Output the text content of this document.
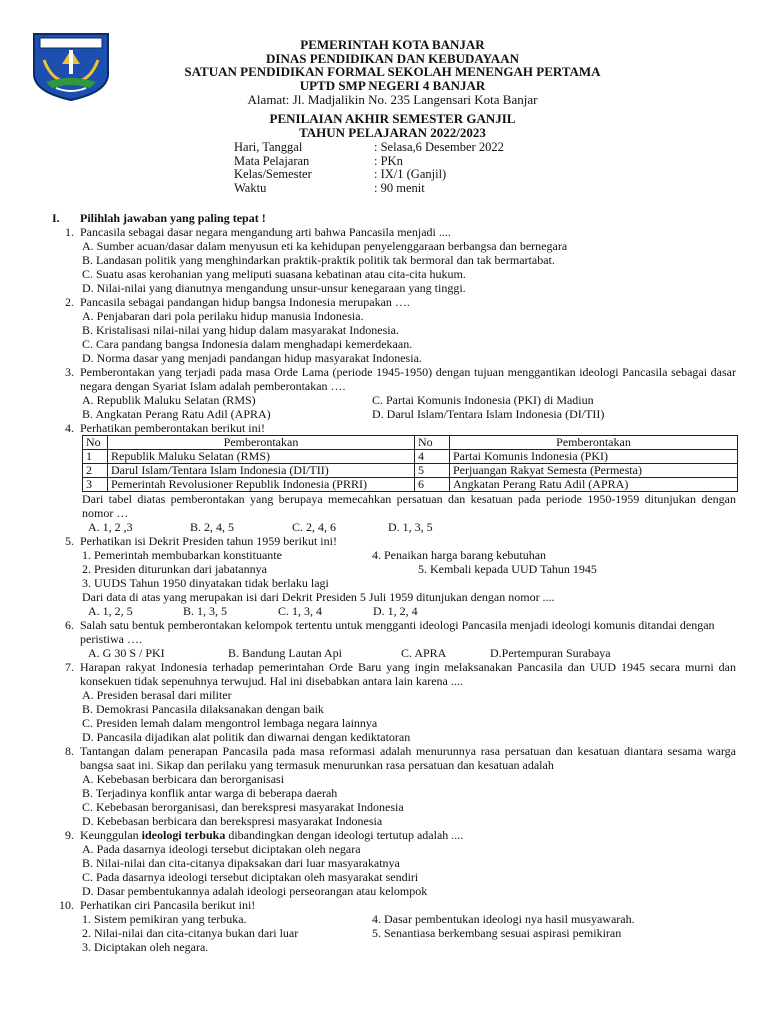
PEMERINTAH KOTA BANJAR
DINAS PENDIDIKAN DAN KEBUDAYAAN
SATUAN PENDIDIKAN FORMAL SEKOLAH MENENGAH PERTAMA
UPTD SMP NEGERI 4 BANJAR
Alamat: Jl. Madjalikin No. 235 Langensari Kota Banjar
PENILAIAN AKHIR SEMESTER GANJIL
TAHUN PELAJARAN 2022/2023
Hari, Tanggal	: Selasa,6 Desember 2022
Mata Pelajaran	: PKn
Kelas/Semester	: IX/1 (Ganjil)
Waktu	: 90 menit
I.	Pilihlah jawaban yang paling tepat !
1. Pancasila sebagai dasar negara mengandung arti bahwa Pancasila menjadi ....
A. Sumber acuan/dasar dalam menyusun eti ka kehidupan penyelenggaraan berbangsa dan bernegara
B. Landasan politik yang menghindarkan praktik-praktik politik tak bermoral dan tak bermartabat.
C. Suatu asas kerohanian yang meliputi suasana kebatinan atau cita-cita hukum.
D. Nilai-nilai yang dianutnya mengandung unsur-unsur kenegaraan yang tinggi.
2. Pancasila sebagai pandangan hidup bangsa Indonesia merupakan ….
A. Penjabaran dari pola perilaku hidup manusia Indonesia.
B. Kristalisasi nilai-nilai yang hidup dalam masyarakat Indonesia.
C. Cara pandang bangsa Indonesia dalam menghadapi kemerdekaan.
D. Norma dasar yang menjadi pandangan hidup masyarakat Indonesia.
3. Pemberontakan yang terjadi pada masa Orde Lama (periode 1945-1950) dengan tujuan menggantikan ideologi Pancasila sebagai dasar negara dengan Syariat Islam adalah pemberontakan ….
A. Republik Maluku Selatan (RMS)	C. Partai Komunis Indonesia (PKI) di Madiun
B. Angkatan Perang Ratu Adil (APRA)	D. Darul Islam/Tentara Islam Indonesia (DI/TII)
4. Perhatikan pemberontakan berikut ini!
No	Pemberontakan	No	Pemberontakan
1	Republik Maluku Selatan (RMS)	4	Partai Komunis Indonesia (PKI)
2	Darul Islam/Tentara Islam Indonesia (DI/TII)	5	Perjuangan Rakyat Semesta (Permesta)
3	Pemerintah Revolusioner Republik Indonesia (PRRI)	6	Angkatan Perang Ratu Adil (APRA)
Dari tabel diatas pemberontakan yang berupaya memecahkan persatuan dan kesatuan pada periode 1950-1959 ditunjukan dengan nomor …
A. 1, 2 ,3	B. 2, 4, 5	C. 2, 4, 6	D. 1, 3, 5
5. Perhatikan isi Dekrit Presiden tahun 1959 berikut ini!
1. Pemerintah membubarkan konstituante	4. Penaikan harga barang kebutuhan
2. Presiden diturunkan dari jabatannya	5. Kembali kepada UUD Tahun 1945
3. UUDS Tahun 1950 dinyatakan tidak berlaku lagi
Dari data di atas yang merupakan isi dari Dekrit Presiden 5 Juli 1959 ditunjukan dengan nomor ....
A. 1, 2, 5	B. 1, 3, 5	C. 1, 3, 4	D. 1, 2, 4
6. Salah satu bentuk pemberontakan kelompok tertentu untuk mengganti ideologi Pancasila menjadi ideologi komunis ditandai dengan peristiwa ….
A. G 30 S / PKI	B. Bandung Lautan Api	C. APRA	D.Pertempuran Surabaya
7. Harapan rakyat Indonesia terhadap pemerintahan Orde Baru yang ingin melaksanakan Pancasila dan UUD 1945 secara murni dan konsekuen tidak sepenuhnya terwujud. Hal ini disebabkan antara lain karena ....
A. Presiden berasal dari militer
B. Demokrasi Pancasila dilaksanakan dengan baik
C. Presiden lemah dalam mengontrol lembaga negara lainnya
D. Pancasila dijadikan alat politik dan diwarnai dengan kediktatoran
8. Tantangan dalam penerapan Pancasila pada masa reformasi adalah menurunnya rasa persatuan dan kesatuan diantara sesama warga bangsa saat ini. Sikap dan perilaku yang termasuk menurunkan rasa persatuan dan kesatuan adalah
A. Kebebasan berbicara dan berorganisasi
B. Terjadinya konflik antar warga di beberapa daerah
C. Kebebasan berorganisasi, dan berekspresi masyarakat Indonesia
D. Kebebasan berbicara dan berekspresi masyarakat Indonesia
9. Keunggulan ideologi terbuka dibandingkan dengan ideologi tertutup adalah ....
A. Pada dasarnya ideologi tersebut diciptakan oleh negara
B. Nilai-nilai dan cita-citanya dipaksakan dari luar masyarakatnya
C. Pada dasarnya ideologi tersebut diciptakan oleh masyarakat sendiri
D. Dasar pembentukannya adalah ideologi perseorangan atau kelompok
10. Perhatikan ciri Pancasila berikut ini!
1. Sistem pemikiran yang terbuka.	4. Dasar pembentukan ideologi nya hasil musyawarah.
2. Nilai-nilai dan cita-citanya bukan dari luar	5. Senantiasa berkembang sesuai aspirasi pemikiran
3. Diciptakan oleh negara.
